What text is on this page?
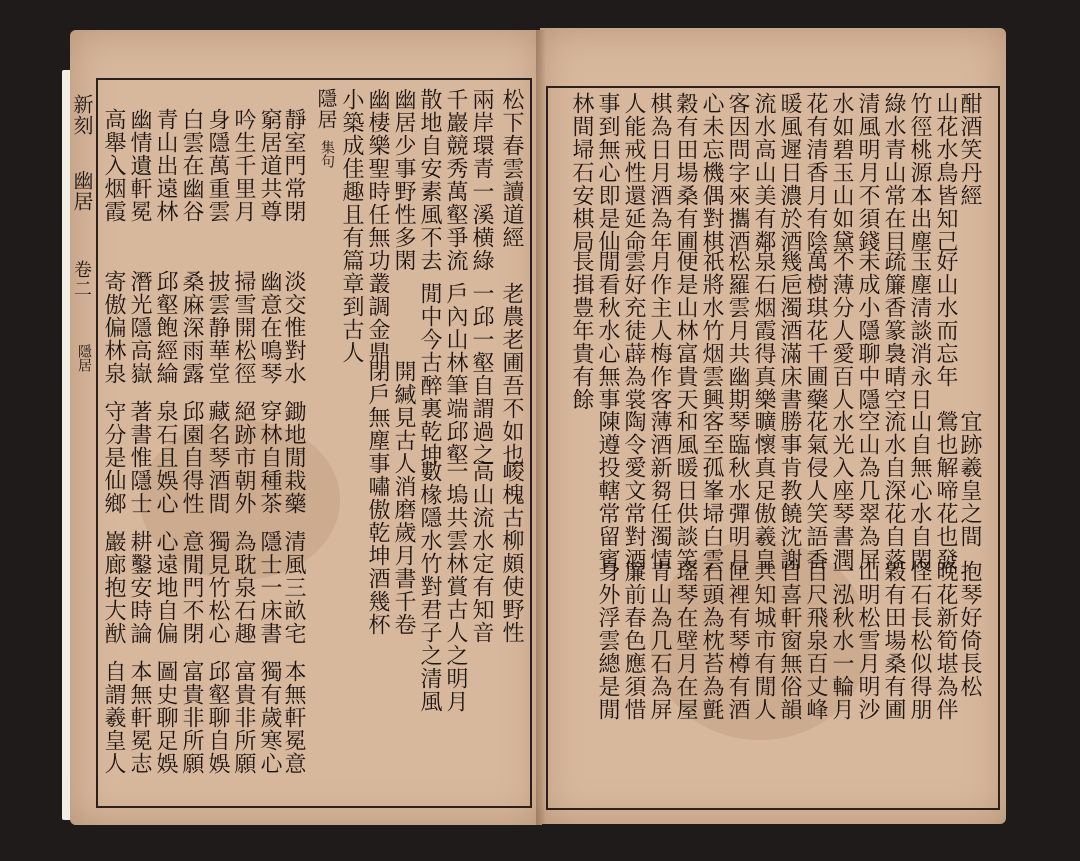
新刻
幽居
卷二
隱居
松下春雲讀道經
兩岸環青一溪横綠
千巖競秀萬壑爭流
散地自安素風不去
幽居少事野性多閑
幽棲樂聖時任無功叢調金鼎
小築成佳趣且有篇章到古人
隱居
集句
靜室門常閉
窮居道共尊
吟生千里月
身隱萬重雲
白雲在幽谷
青山出遠林
幽情遺軒冕
高舉入烟霞
老農老圃吾不如也
一邱一壑自謂過之
戶內山林筆端邱壑
閒中今古醉裏乾坤
開緘見古人消磨歲月書千卷
閉戶無塵事嘯傲乾坤酒幾杯	峻槐古柳頗使野性
高山流水定有知音
一塢共雲林賞古人之明月
數椽隱水竹對君子之清風
淡交惟對水
幽意在鳴琴
掃雪開松徑
披雲静華堂
桑麻深雨露
邱壑飽經綸
潛光隱高嶽
寄傲偏林泉
鋤地閒栽藥
穿林自種茶
絕跡市朝外
藏名琴酒間
邱園自得性
泉石且娛心
著書惟隱士
守分是仙鄉
清風三畝宅
隱士一床書
為耽泉石趣
獨見竹松心
意閒門不閉
心遠地自偏
耕鑿安時論
巖廊抱大猷
本無軒冕意
獨有歲寒心
富貴非所願
邱壑聊自娛
富貴非所願
圖史聊足娛
本無軒冕志
自謂羲皇人
酣酒笑丹經
山花水鳥皆知己
竹徑桃源本出塵
綠水青山常在目
清風明月不須錢
水如碧玉山如黛
花有清香月有陰
暖風遲日濃於酒
流水高山美有鄰
客因問字來攜酒
心未忘機偶對棋
穀有田場桑有圃
棋為日月酒為年
人能戒性還延命
事到無心即是仙
林間埽石安棋局
好山水而忘年
玉塵清談消永日
疏簾香篆裊晴空
未成小隱聊中隱
不薄分人愛百人
萬樹琪花千圃藥
幾巵濁酒滿床書
泉石烟霞得真樂
松羅雲月共幽期
祇將水竹烟雲興
便是山林富貴天
月作主人梅作客
雲好充徒薜為裳
閒看秋水心無事
長揖豊年貴有餘
宜跡羲皇之間
鶯也解啼花也發
山自無心水自閑
流水自深花自落
空山為几翠為屏
水光入座琴書潤
花氣侵人笑語香
勝事肯教饒沈謝
曠懷真足傲羲皇
琴臨秋水彈明月
客至孤峯埽白雲
和風暖日供談笑
薄酒新芻任濁情
陶令愛文常對酒
陳遵投轄常留賓
抱琴好倚長松
晚花新筍堪為伴
怪石長松似得朋
穀有田場桑有圃
山明松雪月明沙
一泓秋水一輪月
百尺飛泉百丈峰
自喜軒窗無俗韻
共知城市有閒人
匣裡有琴樽有酒
石頭為枕苔為氈
瑤琴在壁月在屋
青山為几石為屏
簾前春色應須惜
身外浮雲總是閒
